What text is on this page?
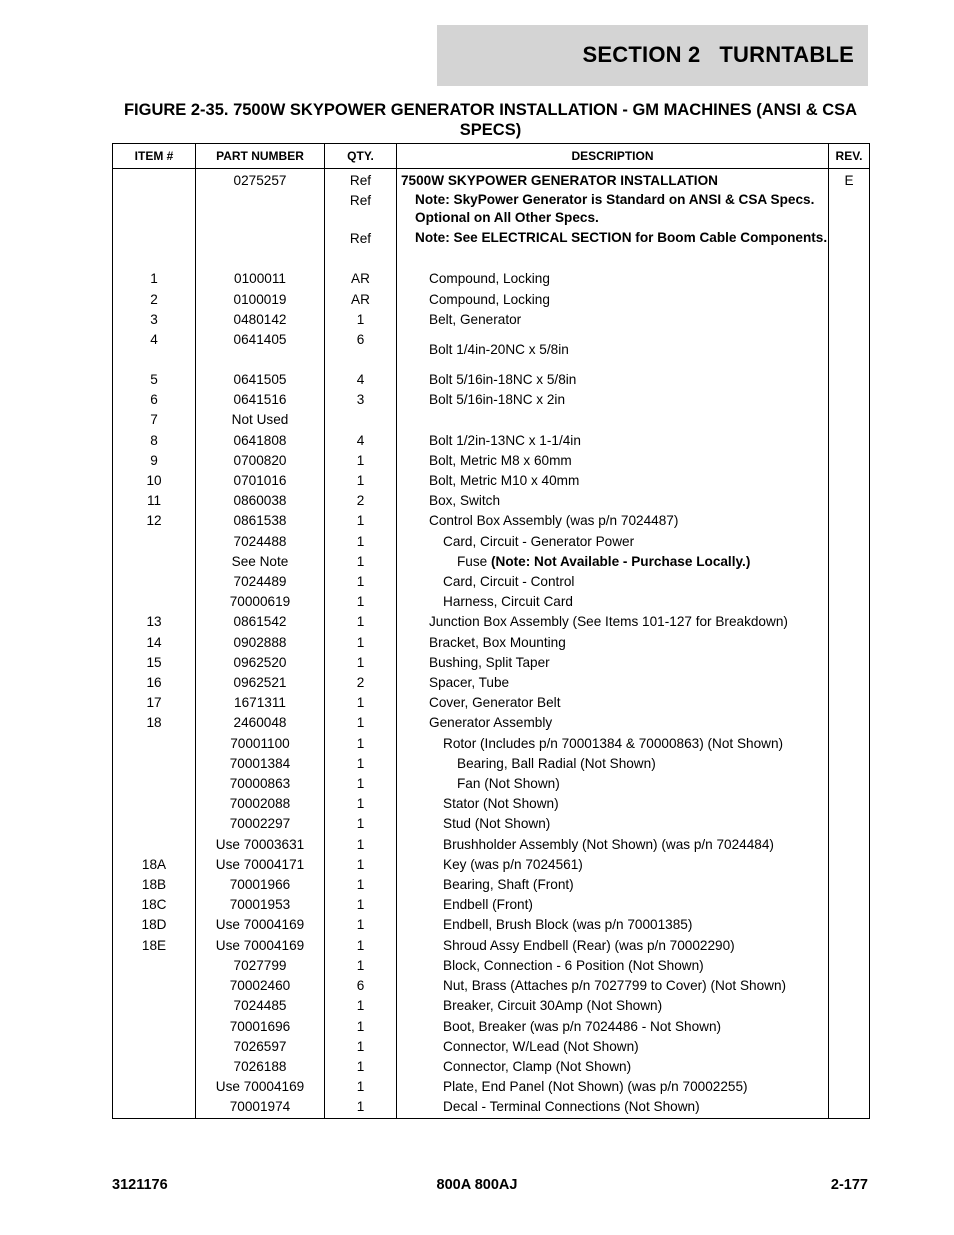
SECTION 2   TURNTABLE
FIGURE 2-35. 7500W SKYPOWER GENERATOR INSTALLATION - GM MACHINES (ANSI & CSA SPECS)
ITEM #	PART NUMBER	QTY.	DESCRIPTION	REV.
	0275257	Ref	7500W SKYPOWER GENERATOR INSTALLATION	E
		Ref	Note: SkyPower Generator is Standard on ANSI & CSA Specs. Optional on All Other Specs.	
		Ref	Note: See ELECTRICAL SECTION for Boom Cable Components.	

1	0100011	AR	Compound, Locking	
2	0100019	AR	Compound, Locking	
3	0480142	1	Belt, Generator	
4	0641405	6	Bolt 1/4in-20NC x 5/8in	
5	0641505	4	Bolt 5/16in-18NC x 5/8in	
6	0641516	3	Bolt 5/16in-18NC x 2in	
7	Not Used			
8	0641808	4	Bolt 1/2in-13NC x 1-1/4in	
9	0700820	1	Bolt, Metric M8 x 60mm	
10	0701016	1	Bolt, Metric M10 x 40mm	
11	0860038	2	Box, Switch	
12	0861538	1	Control Box Assembly (was p/n 7024487)	
	7024488	1	Card, Circuit - Generator Power	
	See Note	1	Fuse (Note: Not Available - Purchase Locally.)	
	7024489	1	Card, Circuit - Control	
	70000619	1	Harness, Circuit Card	
13	0861542	1	Junction Box Assembly (See Items 101-127 for Breakdown)	
14	0902888	1	Bracket, Box Mounting	
15	0962520	1	Bushing, Split Taper	
16	0962521	2	Spacer, Tube	
17	1671311	1	Cover, Generator Belt	
18	2460048	1	Generator Assembly	
	70001100	1	Rotor (Includes p/n 70001384 & 70000863) (Not Shown)	
	70001384	1	Bearing, Ball Radial (Not Shown)	
	70000863	1	Fan (Not Shown)	
	70002088	1	Stator (Not Shown)	
	70002297	1	Stud (Not Shown)	
	Use 70003631	1	Brushholder Assembly (Not Shown) (was p/n 7024484)	
18A	Use 70004171	1	Key (was p/n 7024561)	
18B	70001966	1	Bearing, Shaft (Front)	
18C	70001953	1	Endbell (Front)	
18D	Use 70004169	1	Endbell, Brush Block (was p/n 70001385)	
18E	Use 70004169	1	Shroud Assy Endbell (Rear) (was p/n 70002290)	
	7027799	1	Block, Connection - 6 Position (Not Shown)	
	70002460	6	Nut, Brass (Attaches p/n 7027799 to Cover) (Not Shown)	
	7024485	1	Breaker, Circuit 30Amp (Not Shown)	
	70001696	1	Boot, Breaker (was p/n 7024486 - Not Shown)	
	7026597	1	Connector, W/Lead (Not Shown)	
	7026188	1	Connector, Clamp (Not Shown)	
	Use 70004169	1	Plate, End Panel (Not Shown) (was p/n 70002255)	
	70001974	1	Decal - Terminal Connections (Not Shown)	
3121176	800A 800AJ	2-177
